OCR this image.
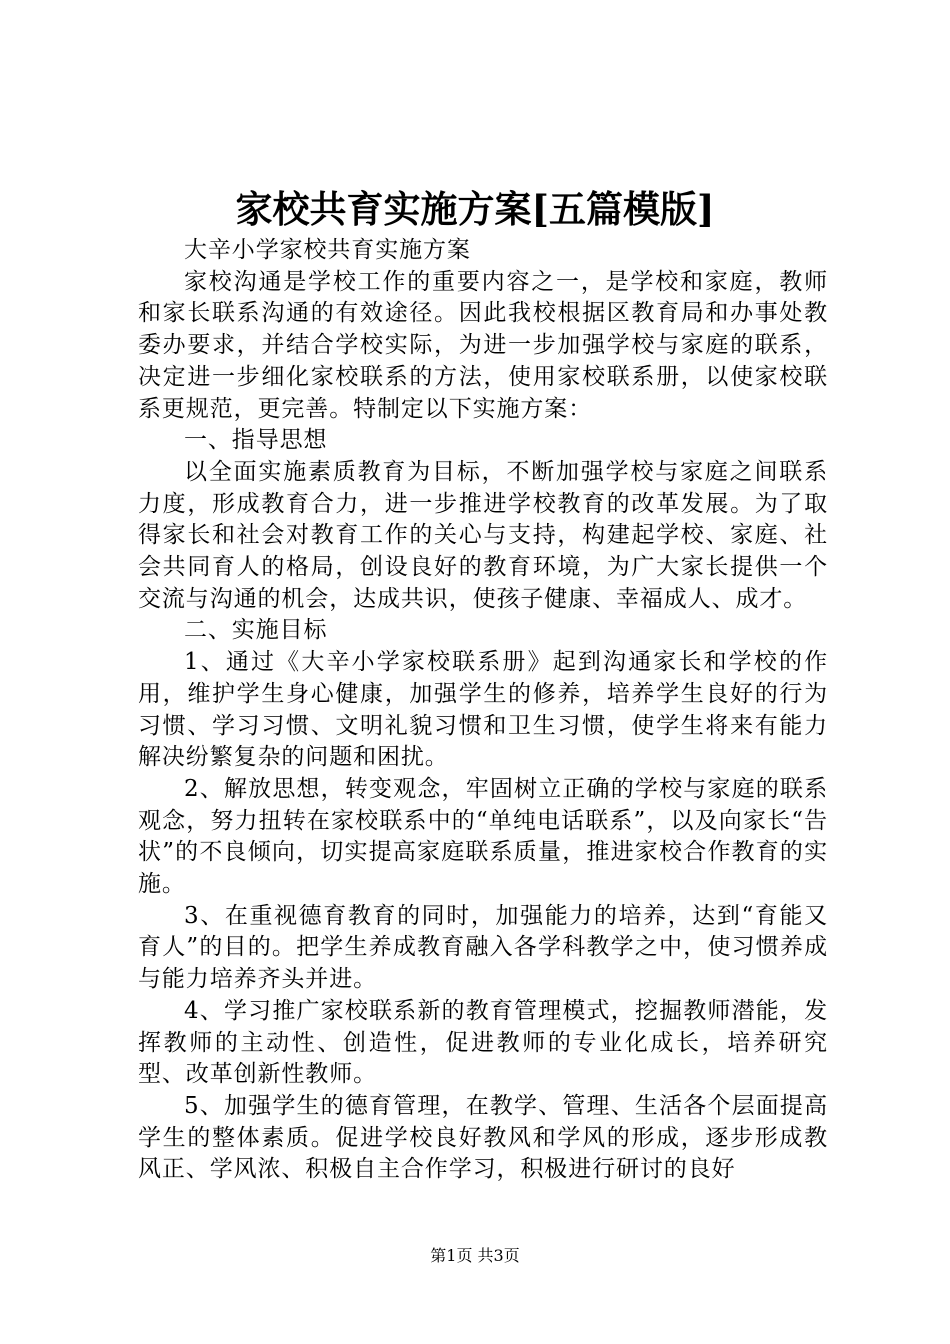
家校共育实施方案[五篇模版]

大辛小学家校共育实施方案

家校沟通是学校工作的重要内容之一，是学校和家庭，教师和家长联系沟通的有效途径。因此我校根据区教育局和办事处教委办要求，并结合学校实际，为进一步加强学校与家庭的联系，决定进一步细化家校联系的方法，使用家校联系册，以使家校联系更规范，更完善。特制定以下实施方案：

一、指导思想

以全面实施素质教育为目标，不断加强学校与家庭之间联系力度，形成教育合力，进一步推进学校教育的改革发展。为了取得家长和社会对教育工作的关心与支持，构建起学校、家庭、社会共同育人的格局，创设良好的教育环境，为广大家长提供一个交流与沟通的机会，达成共识，使孩子健康、幸福成人、成才。

二、实施目标

1、通过《大辛小学家校联系册》起到沟通家长和学校的作用，维护学生身心健康，加强学生的修养，培养学生良好的行为习惯、学习习惯、文明礼貌习惯和卫生习惯，使学生将来有能力解决纷繁复杂的问题和困扰。

2、解放思想，转变观念，牢固树立正确的学校与家庭的联系观念，努力扭转在家校联系中的“单纯电话联系”，以及向家长“告状”的不良倾向，切实提高家庭联系质量，推进家校合作教育的实施。

3、在重视德育教育的同时，加强能力的培养，达到“育能又育人”的目的。把学生养成教育融入各学科教学之中，使习惯养成与能力培养齐头并进。

4、学习推广家校联系新的教育管理模式，挖掘教师潜能，发挥教师的主动性、创造性，促进教师的专业化成长，培养研究型、改革创新性教师。

5、加强学生的德育管理，在教学、管理、生活各个层面提高学生的整体素质。促进学校良好教风和学风的形成，逐步形成教风正、学风浓、积极自主合作学习，积极进行研讨的良好

第1页 共3页
